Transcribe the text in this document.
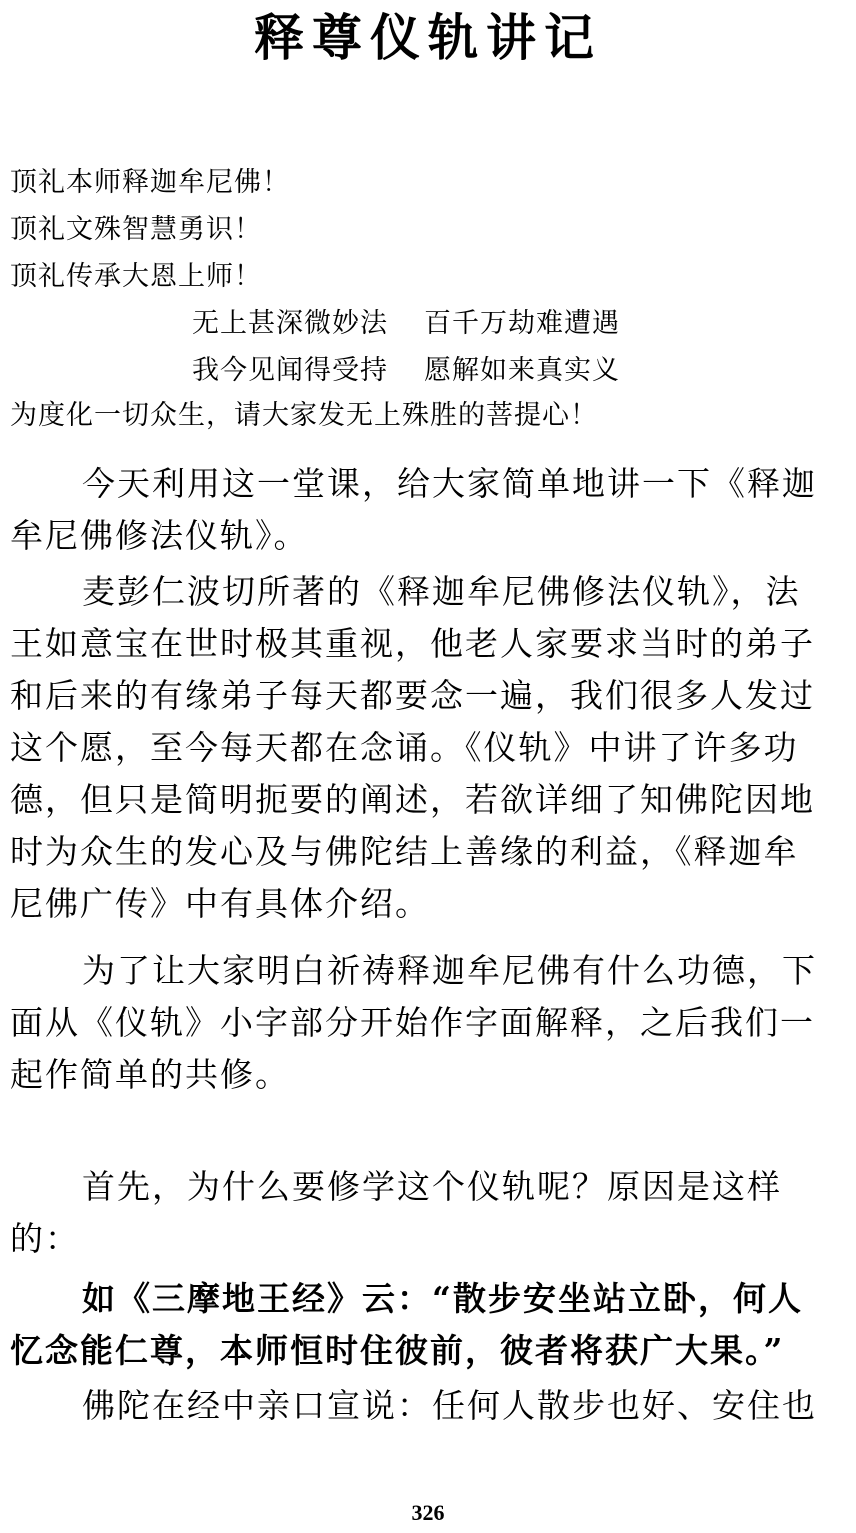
释尊仪轨讲记
顶礼本师释迦牟尼佛！
顶礼文殊智慧勇识！
顶礼传承大恩上师！
无上甚深微妙法 百千万劫难遭遇
我今见闻得受持 愿解如来真实义
为度化一切众生，请大家发无上殊胜的菩提心！
今天利用这一堂课，给大家简单地讲一下《释迦
牟尼佛修法仪轨》。
麦彭仁波切所著的《释迦牟尼佛修法仪轨》，法
王如意宝在世时极其重视，他老人家要求当时的弟子
和后来的有缘弟子每天都要念一遍，我们很多人发过
这个愿，至今每天都在念诵。《仪轨》中讲了许多功
德，但只是简明扼要的阐述，若欲详细了知佛陀因地
时为众生的发心及与佛陀结上善缘的利益，《释迦牟
尼佛广传》中有具体介绍。
为了让大家明白祈祷释迦牟尼佛有什么功德，下
面从《仪轨》小字部分开始作字面解释，之后我们一
起作简单的共修。
首先，为什么要修学这个仪轨呢？原因是这样
的：
如《三摩地王经》云：“散步安坐站立卧，何人
忆念能仁尊，本师恒时住彼前，彼者将获广大果。”
佛陀在经中亲口宣说：任何人散步也好、安住也
326
